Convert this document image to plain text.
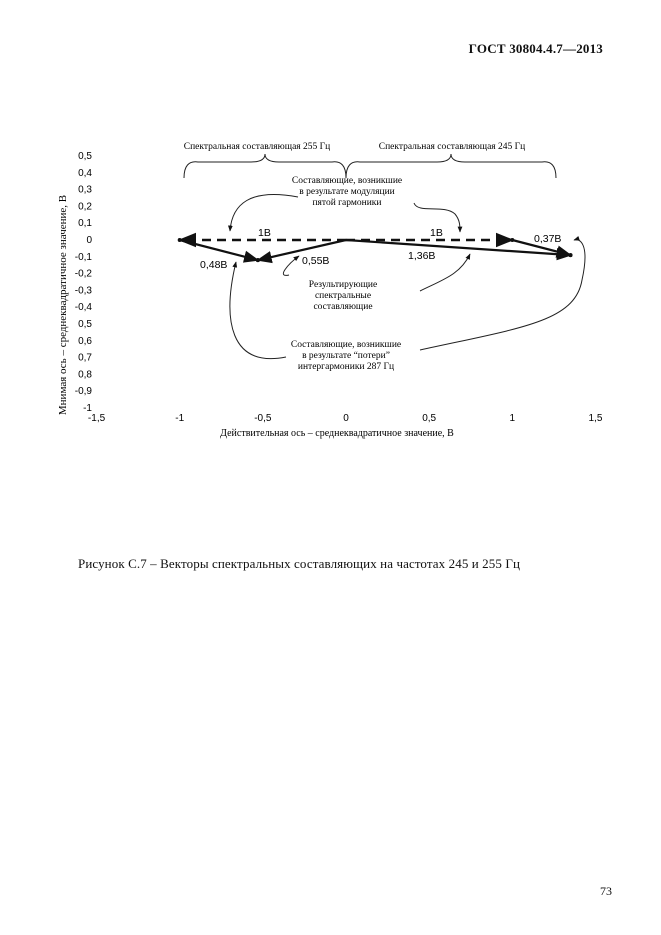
ГОСТ 30804.4.7—2013
0,5
0,4
0,3
0,2
0,1
0
-0,1
-0,2
-0,3
-0,4
0,5
0,6
0,7
0,8
-0,9
-1
-1,5	-1	-0,5	0	0,5	1	1,5
1В	1В
0,48В	0,55В	1,36В
0,37В
Спектральная составляющая 255 Гц	Спектральная составляющая 245 Гц
Составляющие, возникшие
в результате модуляции
пятой гармоники
Результирующие
спектральные
составляющие
Составляющие, возникшие
в результате “потери”
интергармоники 287 Гц
Действительная ось – среднеквадратичное значение, В
Мнимая ось – среднеквадратичное значение, В
Рисунок С.7 – Векторы спектральных составляющих на частотах 245 и 255 Гц
73
